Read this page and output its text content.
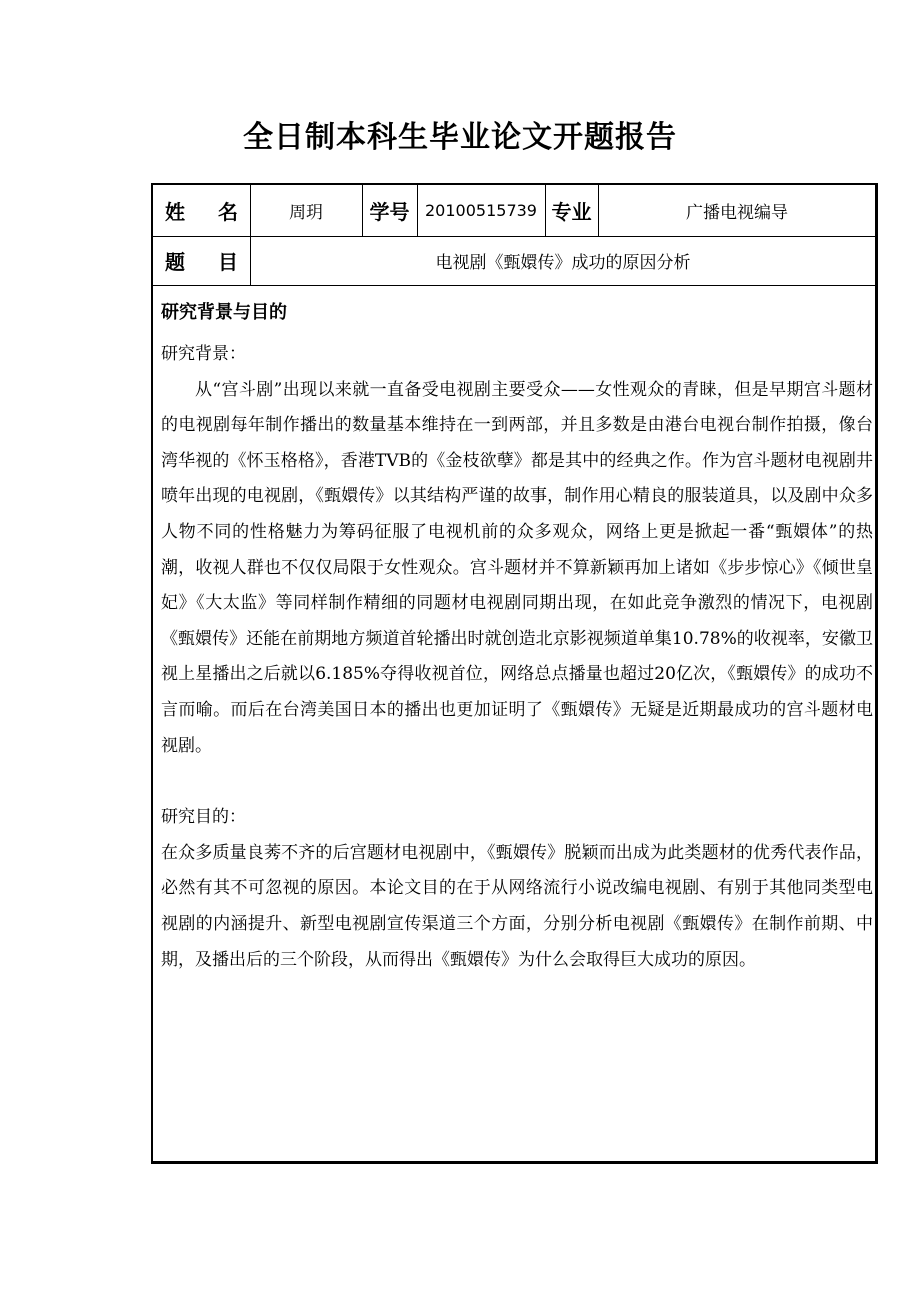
全日制本科生毕业论文开题报告
姓 名	周玥	学号 20100515739 专业	广播电视编导
题 目	电视剧《甄嬛传》成功的原因分析
研究背景与目的

研究背景：

从“宫斗剧”出现以来就一直备受电视剧主要受众——女性观众的青睐，但是早期宫斗题材的电视剧每年制作播出的数量基本维持在一到两部，并且多数是由港台电视台制作拍摄，像台湾华视的《怀玉格格》，香港TVB的《金枝欲孽》都是其中的经典之作。作为宫斗题材电视剧井喷年出现的电视剧，《甄嬛传》以其结构严谨的故事，制作用心精良的服装道具，以及剧中众多人物不同的性格魅力为筹码征服了电视机前的众多观众，网络上更是掀起一番“甄嬛体”的热潮，收视人群也不仅仅局限于女性观众。宫斗题材并不算新颖再加上诸如《步步惊心》《倾世皇妃》《大太监》等同样制作精细的同题材电视剧同期出现，在如此竞争激烈的情况下，电视剧《甄嬛传》还能在前期地方频道首轮播出时就创造北京影视频道单集10.78%的收视率，安徽卫视上星播出之后就以6.185%夺得收视首位，网络总点播量也超过20亿次，《甄嬛传》的成功不言而喻。而后在台湾美国日本的播出也更加证明了《甄嬛传》无疑是近期最成功的宫斗题材电视剧。

研究目的：

在众多质量良莠不齐的后宫题材电视剧中，《甄嬛传》脱颖而出成为此类题材的优秀代表作品，必然有其不可忽视的原因。本论文目的在于从网络流行小说改编电视剧、有别于其他同类型电视剧的内涵提升、新型电视剧宣传渠道三个方面，分别分析电视剧《甄嬛传》在制作前期、中期，及播出后的三个阶段，从而得出《甄嬛传》为什么会取得巨大成功的原因。
